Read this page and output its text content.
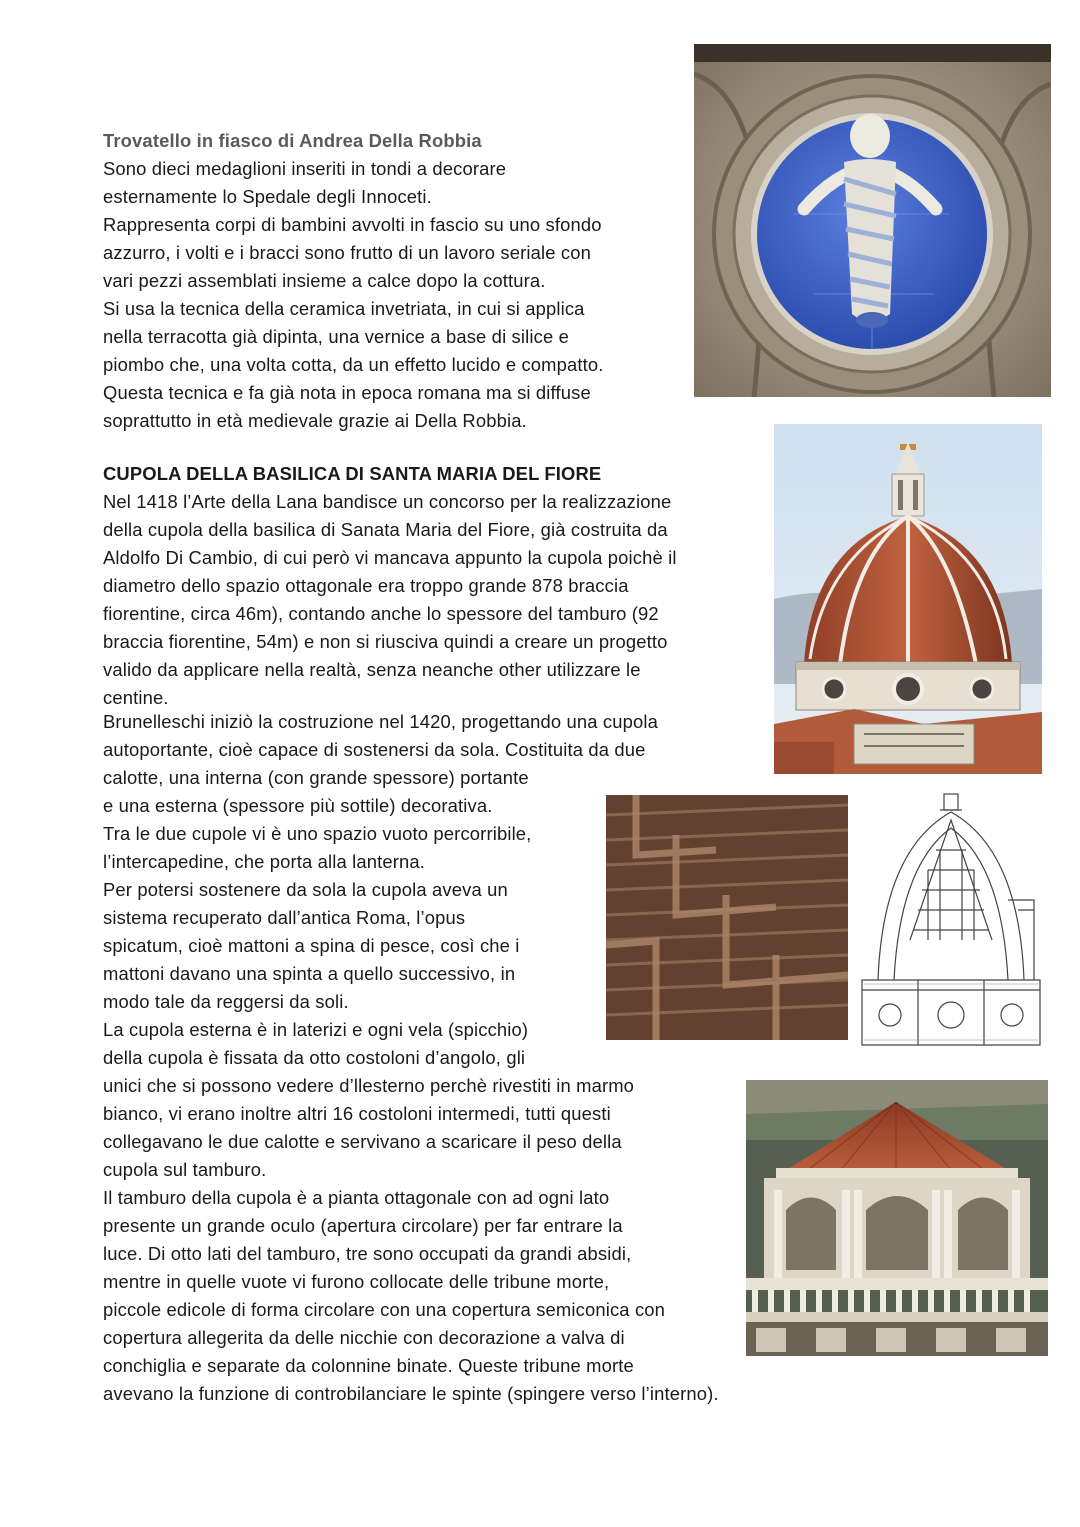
Trovatello in fiasco di Andrea Della Robbia
Sono dieci medaglioni inseriti in tondi a decorare
esternamente lo Spedale degli Innoceti.
Rappresenta corpi di bambini avvolti in fascio su uno sfondo
azzurro, i volti e i bracci sono frutto di un lavoro seriale con
vari pezzi assemblati insieme a calce dopo la cottura.
Si usa la tecnica della ceramica invetriata, in cui si applica
nella terracotta già dipinta, una vernice a base di silice e
piombo che, una volta cotta, da un effetto lucido e compatto.
Questa tecnica e fa già nota in epoca romana ma si diffuse
soprattutto in età medievale grazie ai Della Robbia.
CUPOLA DELLA BASILICA DI SANTA MARIA DEL FIORE
Nel 1418 l’Arte della Lana bandisce un concorso per la realizzazione
della cupola della basilica di Sanata Maria del Fiore, già costruita da
Aldolfo Di Cambio, di cui però vi mancava appunto la cupola poichè il
diametro dello spazio ottagonale era troppo grande 878 braccia
fiorentine, circa 46m), contando anche lo spessore del tamburo (92
braccia fiorentine, 54m) e non si riusciva quindi a creare un progetto
valido da applicare nella realtà, senza neanche other utilizzare le
centine.
Brunelleschi iniziò la costruzione nel 1420, progettando una cupola
autoportante, cioè capace di sostenersi da sola. Costituita da due
calotte, una interna (con grande spessore) portante
e una esterna (spessore più sottile) decorativa.
Tra le due cupole vi è uno spazio vuoto percorribile,
l’intercapedine, che porta alla lanterna.
Per potersi sostenere da sola la cupola aveva un
sistema recuperato dall’antica Roma, l’opus
spicatum, cioè mattoni a spina di pesce, così che i
mattoni davano una spinta a quello successivo, in
modo tale da reggersi da soli.
La cupola esterna è in laterizi e ogni vela (spicchio)
della cupola è fissata da otto costoloni d’angolo, gli
unici che si possono vedere d’llesterno perchè rivestiti in marmo
bianco, vi erano inoltre altri 16 costoloni intermedi, tutti questi
collegavano le due calotte e servivano a scaricare il peso della
cupola sul tamburo.
Il tamburo della cupola è a pianta ottagonale con ad ogni lato
presente un grande oculo (apertura circolare) per far entrare la
luce. Di otto lati del tamburo, tre sono occupati da grandi absidi,
mentre in quelle vuote vi furono collocate delle tribune morte,
piccole edicole di forma circolare con una copertura semiconica con
copertura allegerita da delle nicchie con decorazione a valva di
conchiglia e separate da colonnine binate. Queste tribune morte
avevano la funzione di controbilanciare le spinte (spingere verso l’interno).
